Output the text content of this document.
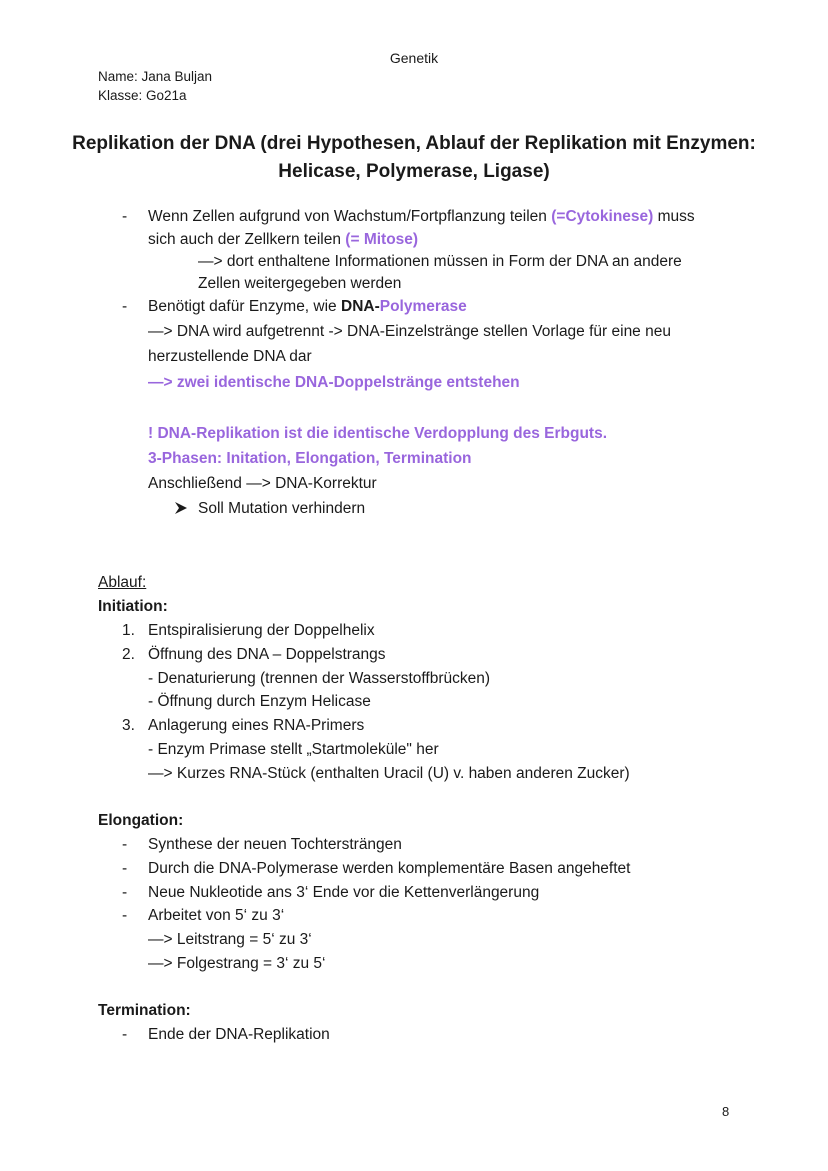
Genetik
Name: Jana Buljan
Klasse: Go21a
Replikation der DNA (drei Hypothesen, Ablauf der Replikation mit Enzymen: Helicase, Polymerase, Ligase)
- Wenn Zellen aufgrund von Wachstum/Fortpflanzung teilen (=Cytokinese) muss
sich auch der Zellkern teilen (= Mitose)
—> dort enthaltene Informationen müssen in Form der DNA an andere
Zellen weitergegeben werden
- Benötigt dafür Enzyme, wie DNA-Polymerase
—> DNA wird aufgetrennt -> DNA-Einzelstränge stellen Vorlage für eine neu
herzustellende DNA dar
—> zwei identische DNA-Doppelstränge entstehen
! DNA-Replikation ist die identische Verdopplung des Erbguts.
3-Phasen: Initation, Elongation, Termination
Anschließend —> DNA-Korrektur
Soll Mutation verhindern
Ablauf:
Initiation:
1. Entspiralisierung der Doppelhelix
2. Öffnung des DNA – Doppelstrangs
- Denaturierung (trennen der Wasserstoffbrücken)
- Öffnung durch Enzym Helicase
3. Anlagerung eines RNA-Primers
- Enzym Primase stellt „Startmoleküle" her
—> Kurzes RNA-Stück (enthalten Uracil (U) v. haben anderen Zucker)
Elongation:
- Synthese der neuen Tochtersträngen
- Durch die DNA-Polymerase werden komplementäre Basen angeheftet
- Neue Nukleotide ans 3‘ Ende vor die Kettenverlängerung
- Arbeitet von 5‘ zu 3‘
—> Leitstrang = 5‘ zu 3‘
—> Folgestrang = 3‘ zu 5‘
Termination:
- Ende der DNA-Replikation
8
